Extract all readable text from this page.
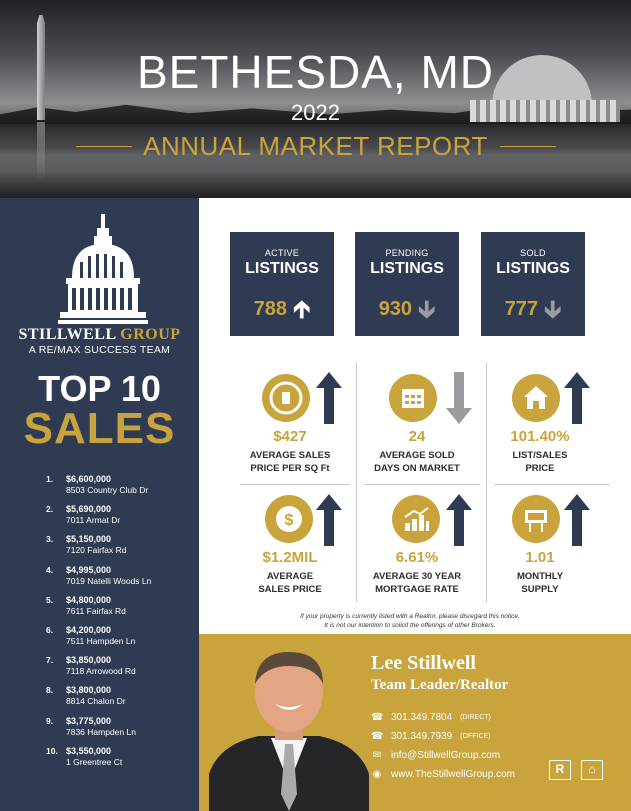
BETHESDA, MD
2022
ANNUAL MARKET REPORT
STILLWELL GROUP
A RE/MAX SUCCESS TEAM
TOP 10
SALES
1. $6,600,000
8503 Country Club Dr
2. $5,690,000
7011 Armat Dr
3. $5,150,000
7120 Fairfax Rd
4. $4,995,000
7019 Natelli Woods Ln
5. $4,800,000
7611 Fairfax Rd
6. $4,200,000
7511 Hampden Ln
7. $3,850,000
7118 Arrowood Rd
8. $3,800,000
8814 Chalon Dr
9. $3,775,000
7836 Hampden Ln
10. $3,550,000
1 Greentree Ct
ACTIVE
LISTINGS
788 🡱
PENDING
LISTINGS
930 🡳
SOLD
LISTINGS
777 🡳
$427
AVERAGE SALES
PRICE PER SQ Ft
24
AVERAGE SOLD
DAYS ON MARKET
101.40%
LIST/SALES
PRICE
$
$1.2MIL
AVERAGE
SALES PRICE
6.61%
AVERAGE 30 YEAR
MORTGAGE RATE
1.01
MONTHLY
SUPPLY
If your property is currently listed with a Realtor, please disregard this notice.
It is not our intention to solicit the offerings of other Brokers.
Lee Stillwell
Team Leader/Realtor
☎ 301.349.7804 (DIRECT)
☎ 301.349.7939 (OFFICE)
✉ info@StillwellGroup.com
◉ www.TheStillwellGroup.com	R	⌂
